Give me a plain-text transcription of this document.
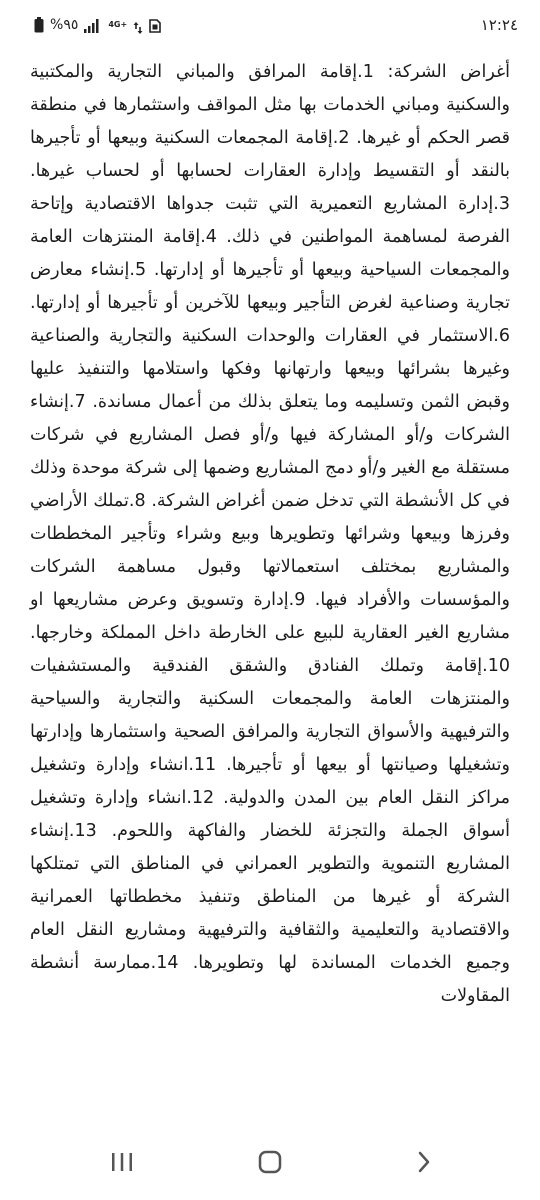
%٩٥	4G+	١٢:٢٤

أغراض الشركة: 1.إقامة المرافق والمباني التجارية والمكتبية والسكنية ومباني الخدمات بها مثل المواقف واستثمارها في منطقة قصر الحكم أو غيرها. 2.إقامة المجمعات السكنية وبيعها أو تأجيرها بالنقد أو التقسيط وإدارة العقارات لحسابها أو لحساب غيرها. 3.إدارة المشاريع التعميرية التي تثبت جدواها الاقتصادية وإتاحة الفرصة لمساهمة المواطنين في ذلك. 4.إقامة المنتزهات العامة والمجمعات السياحية وبيعها أو تأجيرها أو إدارتها. 5.إنشاء معارض تجارية وصناعية لغرض التأجير وبيعها للآخرين أو تأجيرها أو إدارتها. 6.الاستثمار في العقارات والوحدات السكنية والتجارية والصناعية وغيرها بشرائها وبيعها وارتهانها وفكها واستلامها والتنفيذ عليها وقبض الثمن وتسليمه وما يتعلق بذلك من أعمال مساندة. 7.إنشاء الشركات و/أو المشاركة فيها و/أو فصل المشاريع في شركات مستقلة مع الغير و/أو دمج المشاريع وضمها إلى شركة موحدة وذلك في كل الأنشطة التي تدخل ضمن أغراض الشركة. 8.تملك الأراضي وفرزها وبيعها وشرائها وتطويرها وبيع وشراء وتأجير المخططات والمشاريع بمختلف استعمالاتها وقبول مساهمة الشركات والمؤسسات والأفراد فيها. 9.إدارة وتسويق وعرض مشاريعها او مشاريع الغير العقارية للبيع على الخارطة داخل المملكة وخارجها. 10.إقامة وتملك الفنادق والشقق الفندقية والمستشفيات والمنتزهات العامة والمجمعات السكنية والتجارية والسياحية والترفيهية والأسواق التجارية والمرافق الصحية واستثمارها وإدارتها وتشغيلها وصيانتها أو بيعها أو تأجيرها. 11.انشاء وإدارة وتشغيل مراكز النقل العام بين المدن والدولية. 12.انشاء وإدارة وتشغيل أسواق الجملة والتجزئة للخضار والفاكهة واللحوم. 13.إنشاء المشاريع التنموية والتطوير العمراني في المناطق التي تمتلكها الشركة أو غيرها من المناطق وتنفيذ مخططاتها العمرانية والاقتصادية والتعليمية والثقافية والترفيهية ومشاريع النقل العام وجميع الخدمات المساندة لها وتطويرها. 14.ممارسة أنشطة المقاولات
